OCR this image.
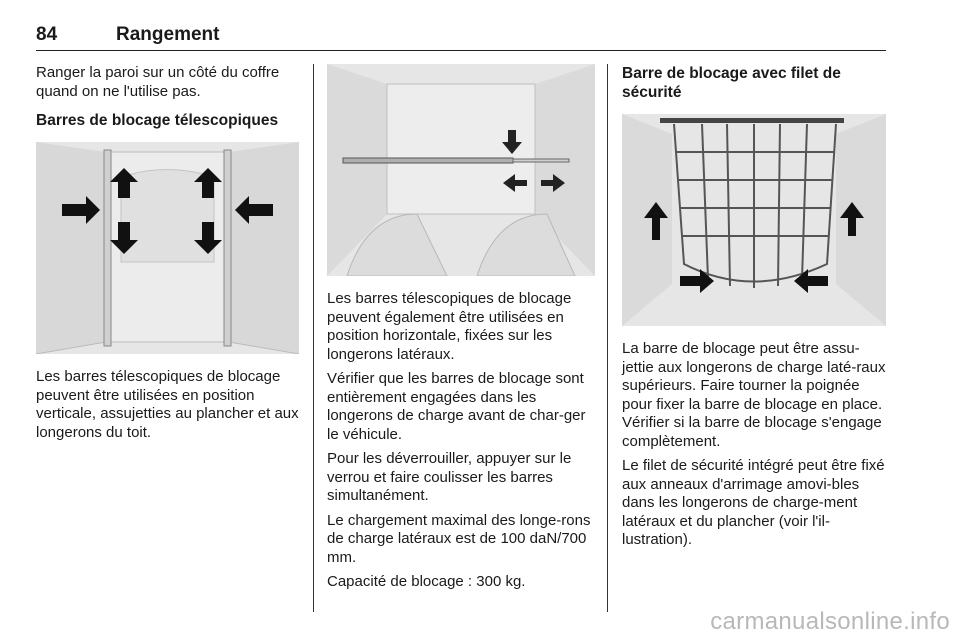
84	Rangement

Ranger la paroi sur un côté du coffre quand on ne l'utilise pas.

Barres de blocage télescopiques

Les barres télescopiques de blocage peuvent être utilisées en position verticale, assujetties au plancher et aux longerons du toit.

Les barres télescopiques de blocage peuvent également être utilisées en position horizontale, fixées sur les longerons latéraux.

Vérifier que les barres de blocage sont entièrement engagées dans les longerons de charge avant de char-ger le véhicule.

Pour les déverrouiller, appuyer sur le verrou et faire coulisser les barres simultanément.

Le chargement maximal des longe-rons de charge latéraux est de 100 daN/700 mm.

Capacité de blocage : 300 kg.

Barre de blocage avec filet de sécurité

La barre de blocage peut être assu-jettie aux longerons de charge laté-raux supérieurs. Faire tourner la poignée pour fixer la barre de blocage en place. Vérifier si la barre de blocage s'engage complètement.

Le filet de sécurité intégré peut être fixé aux anneaux d'arrimage amovi-bles dans les longerons de charge-ment latéraux et du plancher (voir l'il-lustration).

carmanualsonline.info
